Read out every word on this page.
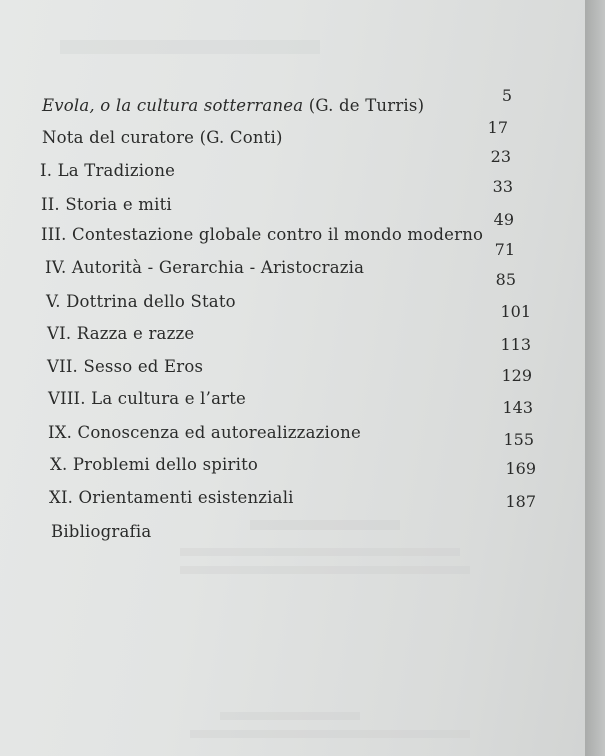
Evola, o la cultura sotterranea (G. de Turris)
5
Nota del curatore (G. Conti)
17
I. La Tradizione
23
II. Storia e miti
33
III. Contestazione globale contro il mondo moderno
49
IV. Autorità - Gerarchia - Aristocrazia
71
V. Dottrina dello Stato
85
VI. Razza e razze
101
VII. Sesso ed Eros
113
VIII. La cultura e l’arte
129
IX. Conoscenza ed autorealizzazione
143
X. Problemi dello spirito
155
XI. Orientamenti esistenziali
169
Bibliografia
187
